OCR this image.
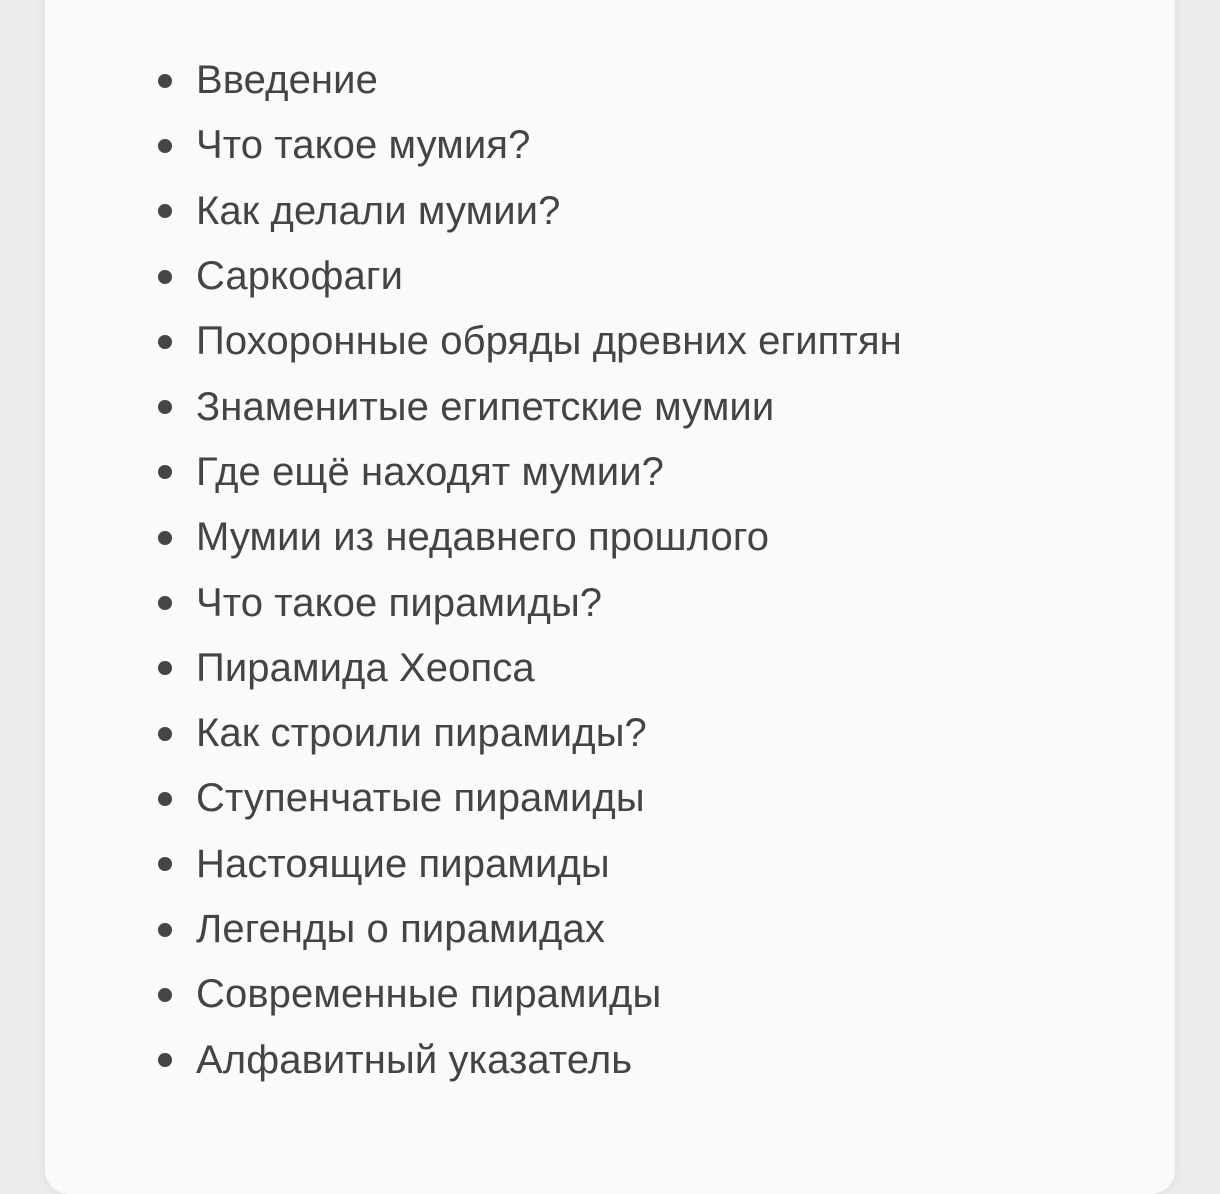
Введение
Что такое мумия?
Как делали мумии?
Саркофаги
Похоронные обряды древних египтян
Знаменитые египетские мумии
Где ещё находят мумии?
Мумии из недавнего прошлого
Что такое пирамиды?
Пирамида Хеопса
Как строили пирамиды?
Ступенчатые пирамиды
Настоящие пирамиды
Легенды о пирамидах
Современные пирамиды
Алфавитный указатель
